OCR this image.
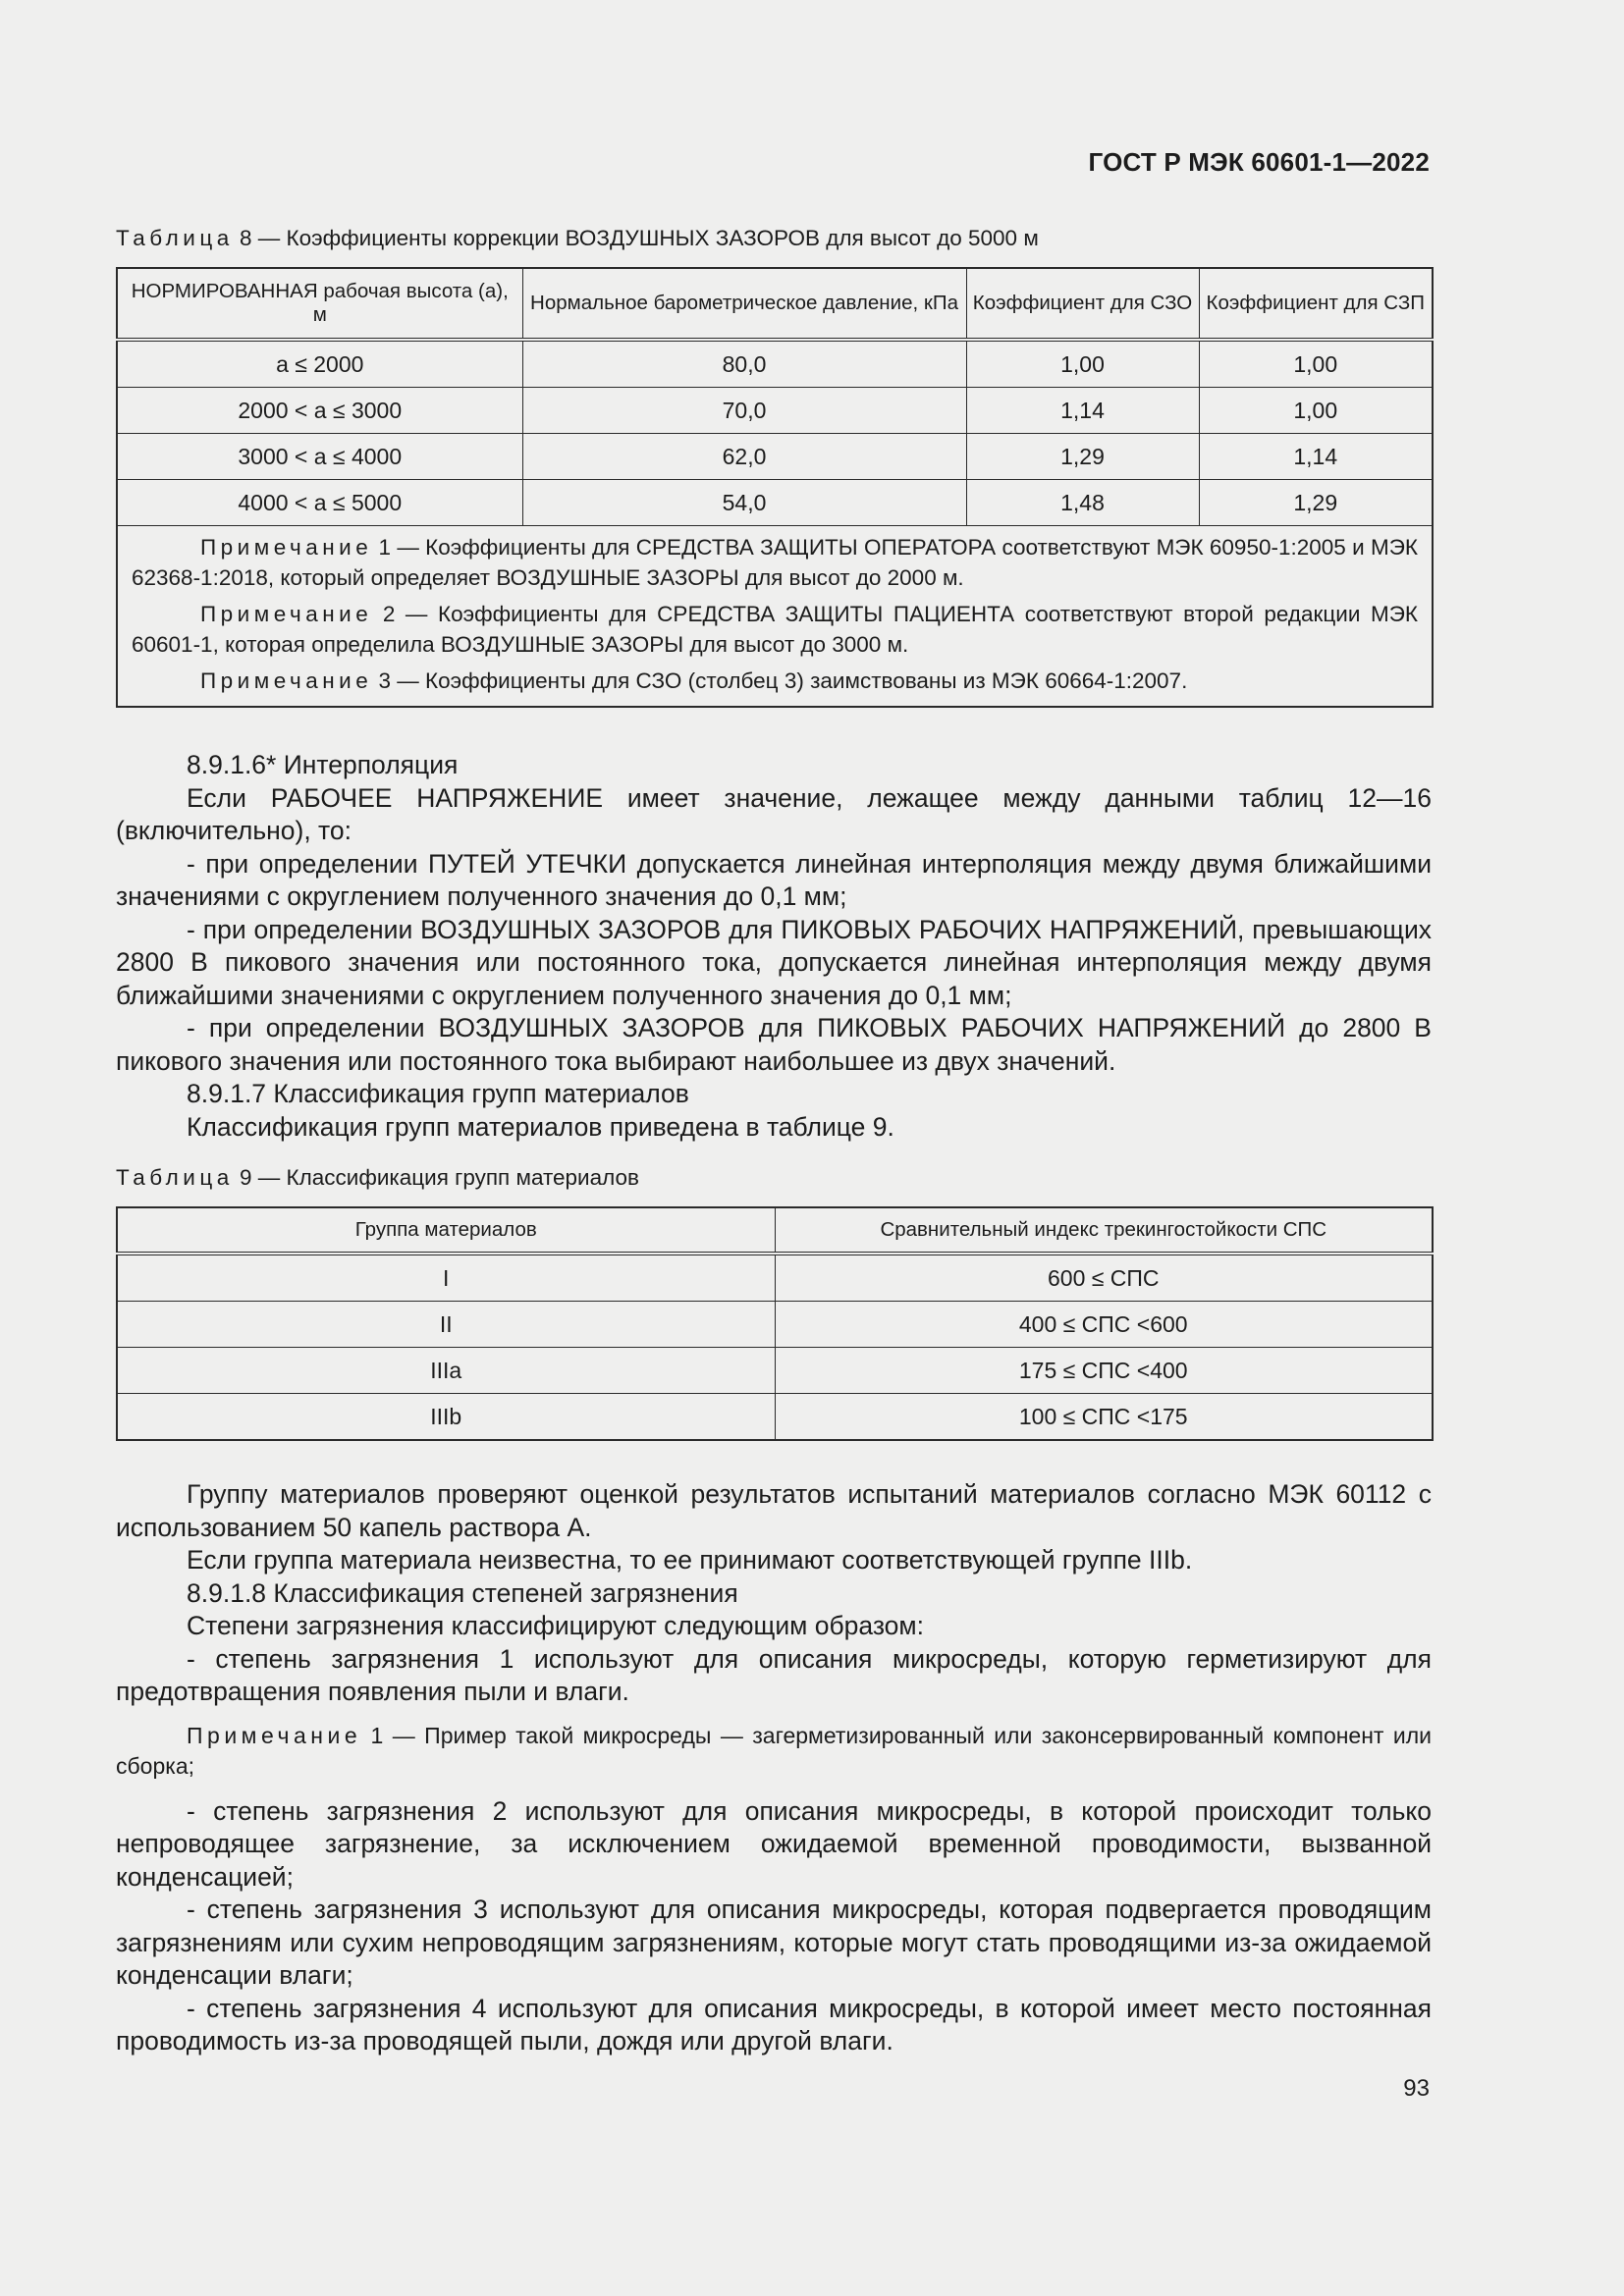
ГОСТ Р МЭК 60601-1—2022
Таблица 8 — Коэффициенты коррекции ВОЗДУШНЫХ ЗАЗОРОВ для высот до 5000 м
НОРМИРОВАННАЯ рабочая высота (а), м	Нормальное барометрическое давление, кПа	Коэффициент для СЗО	Коэффициент для СЗП
а ≤ 2000	80,0	1,00	1,00
2000 < а ≤ 3000	70,0	1,14	1,00
3000 < а ≤ 4000	62,0	1,29	1,14
4000 < а ≤ 5000	54,0	1,48	1,29

Примечание 1 — Коэффициенты для СРЕДСТВА ЗАЩИТЫ ОПЕРАТОРА соответствуют МЭК 60950-1:2005 и МЭК 62368-1:2018, который определяет ВОЗДУШНЫЕ ЗАЗОРЫ для высот до 2000 м.

Примечание 2 — Коэффициенты для СРЕДСТВА ЗАЩИТЫ ПАЦИЕНТА соответствуют второй редакции МЭК 60601-1, которая определила ВОЗДУШНЫЕ ЗАЗОРЫ для высот до 3000 м.

Примечание 3 — Коэффициенты для СЗО (столбец 3) заимствованы из МЭК 60664-1:2007.			

8.9.1.6* Интерполяция

Если РАБОЧЕЕ НАПРЯЖЕНИЕ имеет значение, лежащее между данными таблиц 12—16 (включительно), то:

- при определении ПУТЕЙ УТЕЧКИ допускается линейная интерполяция между двумя ближайшими значениями с округлением полученного значения до 0,1 мм;

- при определении ВОЗДУШНЫХ ЗАЗОРОВ для ПИКОВЫХ РАБОЧИХ НАПРЯЖЕНИЙ, превышающих 2800 В пикового значения или постоянного тока, допускается линейная интерполяция между двумя ближайшими значениями с округлением полученного значения до 0,1 мм;

- при определении ВОЗДУШНЫХ ЗАЗОРОВ для ПИКОВЫХ РАБОЧИХ НАПРЯЖЕНИЙ до 2800 В пикового значения или постоянного тока выбирают наибольшее из двух значений.

8.9.1.7 Классификация групп материалов

Классификация групп материалов приведена в таблице 9.

Таблица 9 — Классификация групп материалов
Группа материалов	Сравнительный индекс трекингостойкости СПС
I	600 ≤ СПС
II	400 ≤ СПС <600
IIIa	175 ≤ СПС <400
IIIb	100 ≤ СПС <175

Группу материалов проверяют оценкой результатов испытаний материалов согласно МЭК 60112 с использованием 50 капель раствора А.

Если группа материала неизвестна, то ее принимают соответствующей группе IIIb.

8.9.1.8 Классификация степеней загрязнения

Степени загрязнения классифицируют следующим образом:

- степень загрязнения 1 используют для описания микросреды, которую герметизируют для предотвращения появления пыли и влаги.

Примечание 1 — Пример такой микросреды — загерметизированный или законсервированный компонент или сборка;

- степень загрязнения 2 используют для описания микросреды, в которой происходит только непроводящее загрязнение, за исключением ожидаемой временной проводимости, вызванной конденсацией;

- степень загрязнения 3 используют для описания микросреды, которая подвергается проводящим загрязнениям или сухим непроводящим загрязнениям, которые могут стать проводящими из-за ожидаемой конденсации влаги;

- степень загрязнения 4 используют для описания микросреды, в которой имеет место постоянная проводимость из-за проводящей пыли, дождя или другой влаги.

93
